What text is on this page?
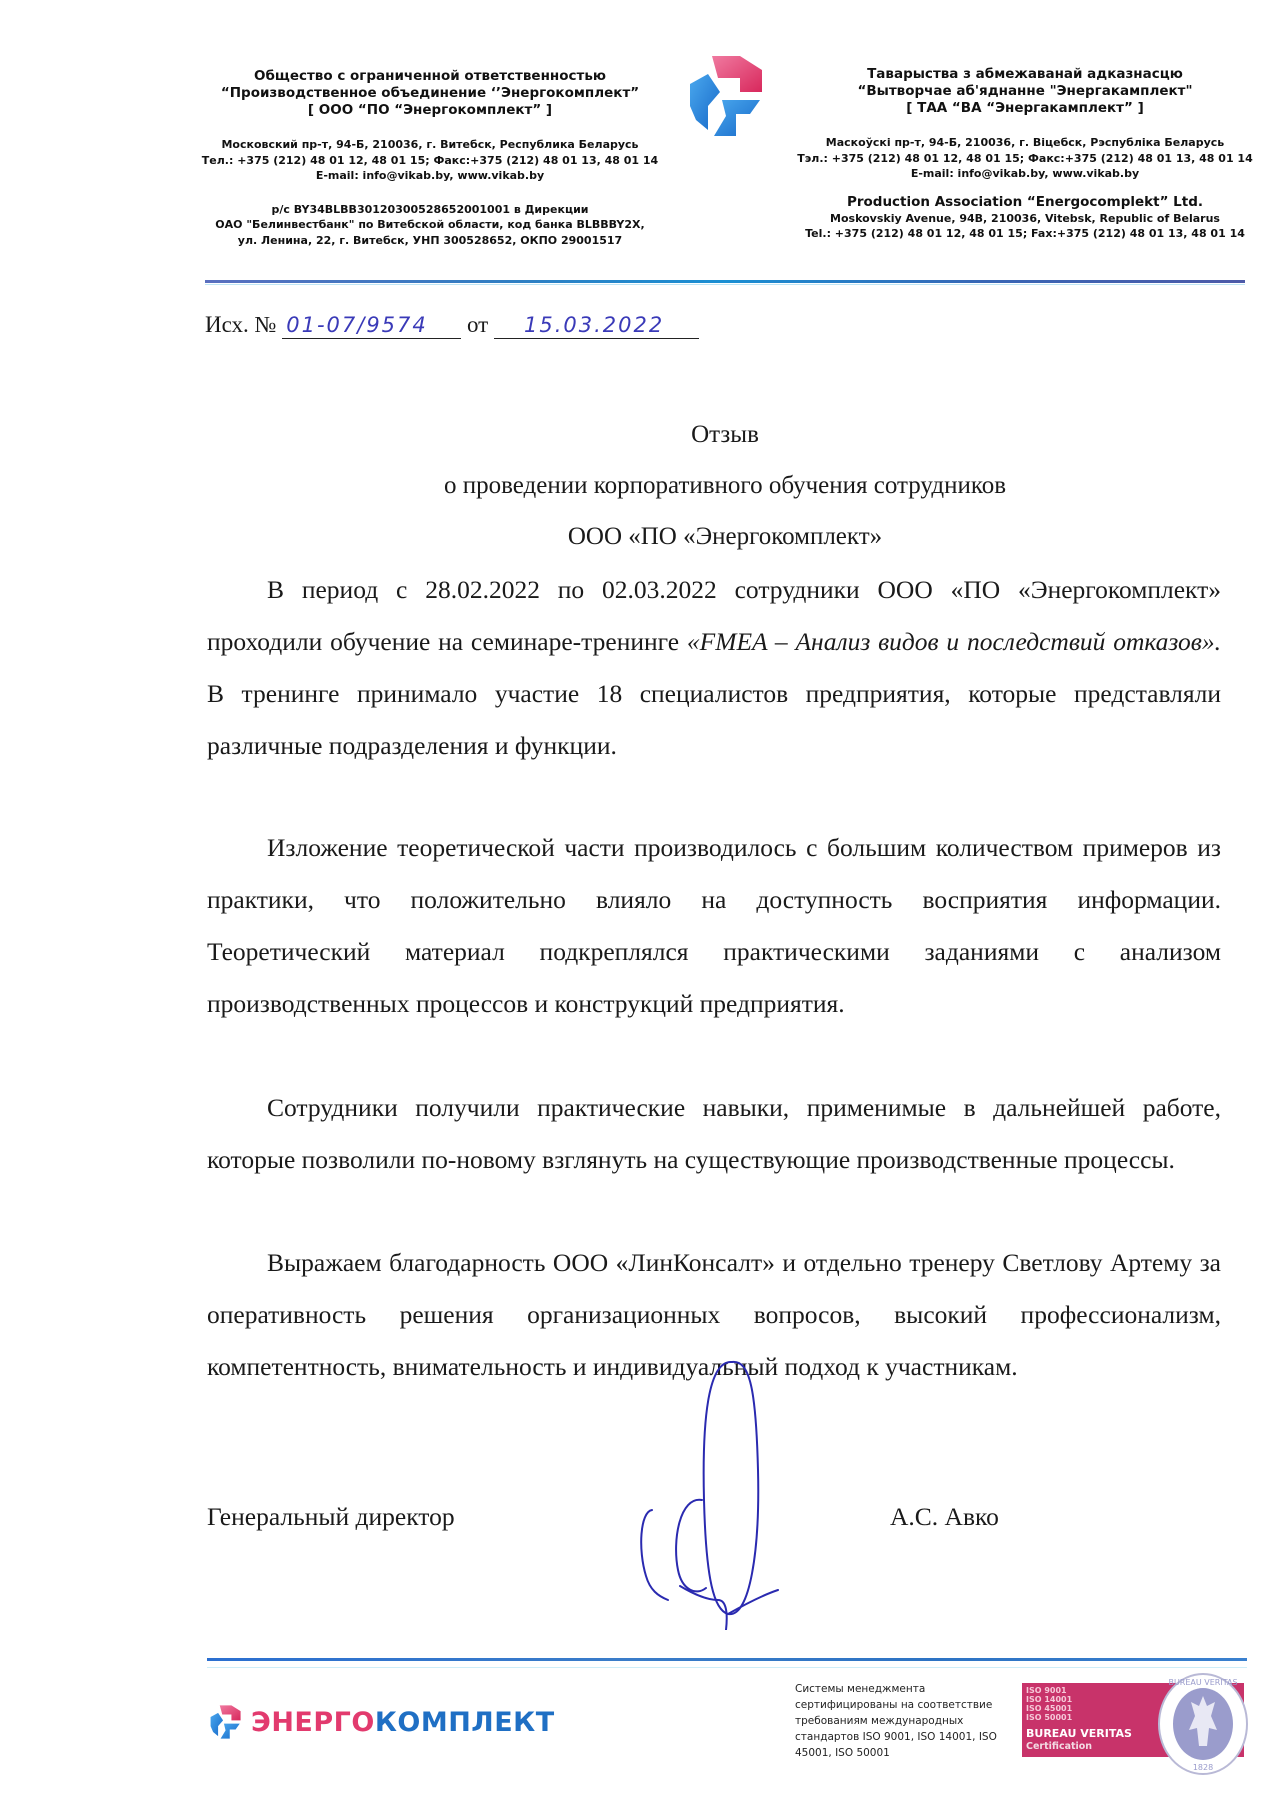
Общество с ограниченной ответственностью
“Производственное объединение ‘’Энергокомплект”
[ ООО “ПО “Энергокомплект” ]
Московский пр-т, 94-Б, 210036, г. Витебск, Республика Беларусь
Тел.: +375 (212) 48 01 12, 48 01 15; Факс:+375 (212) 48 01 13, 48 01 14
E-mail: info@vikab.by, www.vikab.by
р/с BY34BLBB30120300528652001001 в Дирекции
ОАО "Белинвестбанк" по Витебской области, код банка BLBBBY2X,
ул. Ленина, 22, г. Витебск, УНП 300528652, ОКПО 29001517
Таварыства з абмежаванай адказнасцю
“Вытворчае аб'яднанне "Энергакамплект"
[ ТАА “ВА “Энергакамплект” ]
Маскоўскі пр-т, 94-Б, 210036, г. Віцебск, Рэспубліка Беларусь
Тэл.: +375 (212) 48 01 12, 48 01 15; Факс:+375 (212) 48 01 13, 48 01 14
E-mail: info@vikab.by, www.vikab.by
Production Association “Energocomplekt” Ltd.
Moskovskiy Avenue, 94B, 210036, Vitebsk, Republic of Belarus
Tel.: +375 (212) 48 01 12, 48 01 15; Fax:+375 (212) 48 01 13, 48 01 14
Исх. № 01-07/9574 от 15.03.2022
Отзыв
о проведении корпоративного обучения сотрудников
ООО «ПО «Энергокомплект»

В период с 28.02.2022 по 02.03.2022 сотрудники ООО «ПО «Энергокомплект» проходили обучение на семинаре-тренинге «FMEA – Анализ видов и последствий отказов». В тренинге принимало участие 18 специалистов предприятия, которые представляли различные подразделения и функции.

Изложение теоретической части производилось с большим количеством примеров из практики, что положительно влияло на доступность восприятия информации. Теоретический материал подкреплялся практическими заданиями с анализом производственных процессов и конструкций предприятия.

Сотрудники получили практические навыки, применимые в дальнейшей работе, которые позволили по-новому взглянуть на существующие производственные процессы.

Выражаем благодарность ООО «ЛинКонсалт» и отдельно тренеру Светлову Артему за оперативность решения организационных вопросов, высокий профессионализм, компетентность, внимательность и индивидуальный подход к участникам.

Генеральный директор	А.С. Авко
ЭНЕРГОКОМПЛЕКТ
Системы менеджмента сертифицированы на соответствие требованиям международных стандартов ISO 9001, ISO 14001, ISO 45001, ISO 50001
ISO 9001
ISO 14001
ISO 45001
ISO 50001
BUREAU VERITAS
Certification
BUREAU VERITAS
1828
